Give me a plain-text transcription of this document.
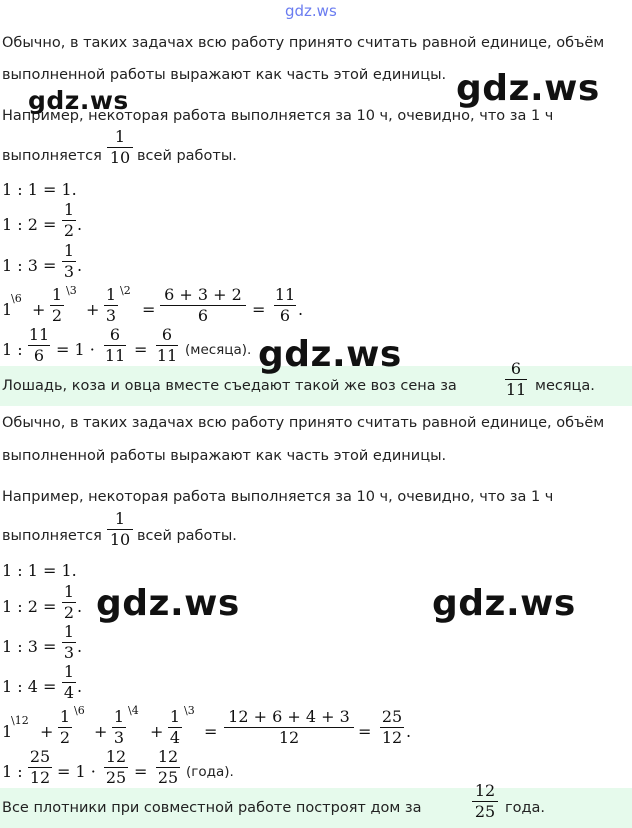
gdz.ws
Обычно, в таких задачах всю работу принято считать равной единице, объём
выполненной работы выражают как часть этой единицы.
Например, некоторая работа выполняется за 10 ч, очевидно, что за 1 ч
выполняется
1
10 всей работы.
1 : 1 = 1.
1 : 2 =
1
2 .
1 : 3 =
1
3 .
1
\6
+
1
2
\3
+
1
3
\2
=
6 + 3 + 2
6	=
11
6 .
1 :
11
6 = 1 ·
6
11 =
6
11 (месяца).
Лошадь, коза и овца вместе съедают такой же воз сена за
6
11 месяца.
Обычно, в таких задачах всю работу принято считать равной единице, объём
выполненной работы выражают как часть этой единицы.
Например, некоторая работа выполняется за 10 ч, очевидно, что за 1 ч
выполняется
1
10 всей работы.
1 : 1 = 1.
1 : 2 =
1
2 .
1 : 3 =
1
3 .
1 : 4 =
1
4 .
1
\12
+
1
2
\6
+
1
3
\4
+
1
4
\3
=
12 + 6 + 4 + 3
12	=
25
12 .
1 :
25
12 = 1 ·
12
25 =
12
25 (года).
Все плотники при совместной работе построят дом за
12
25 года.
gdz.ws	gdz.ws
gdz.ws
gdz.ws	gdz.ws
